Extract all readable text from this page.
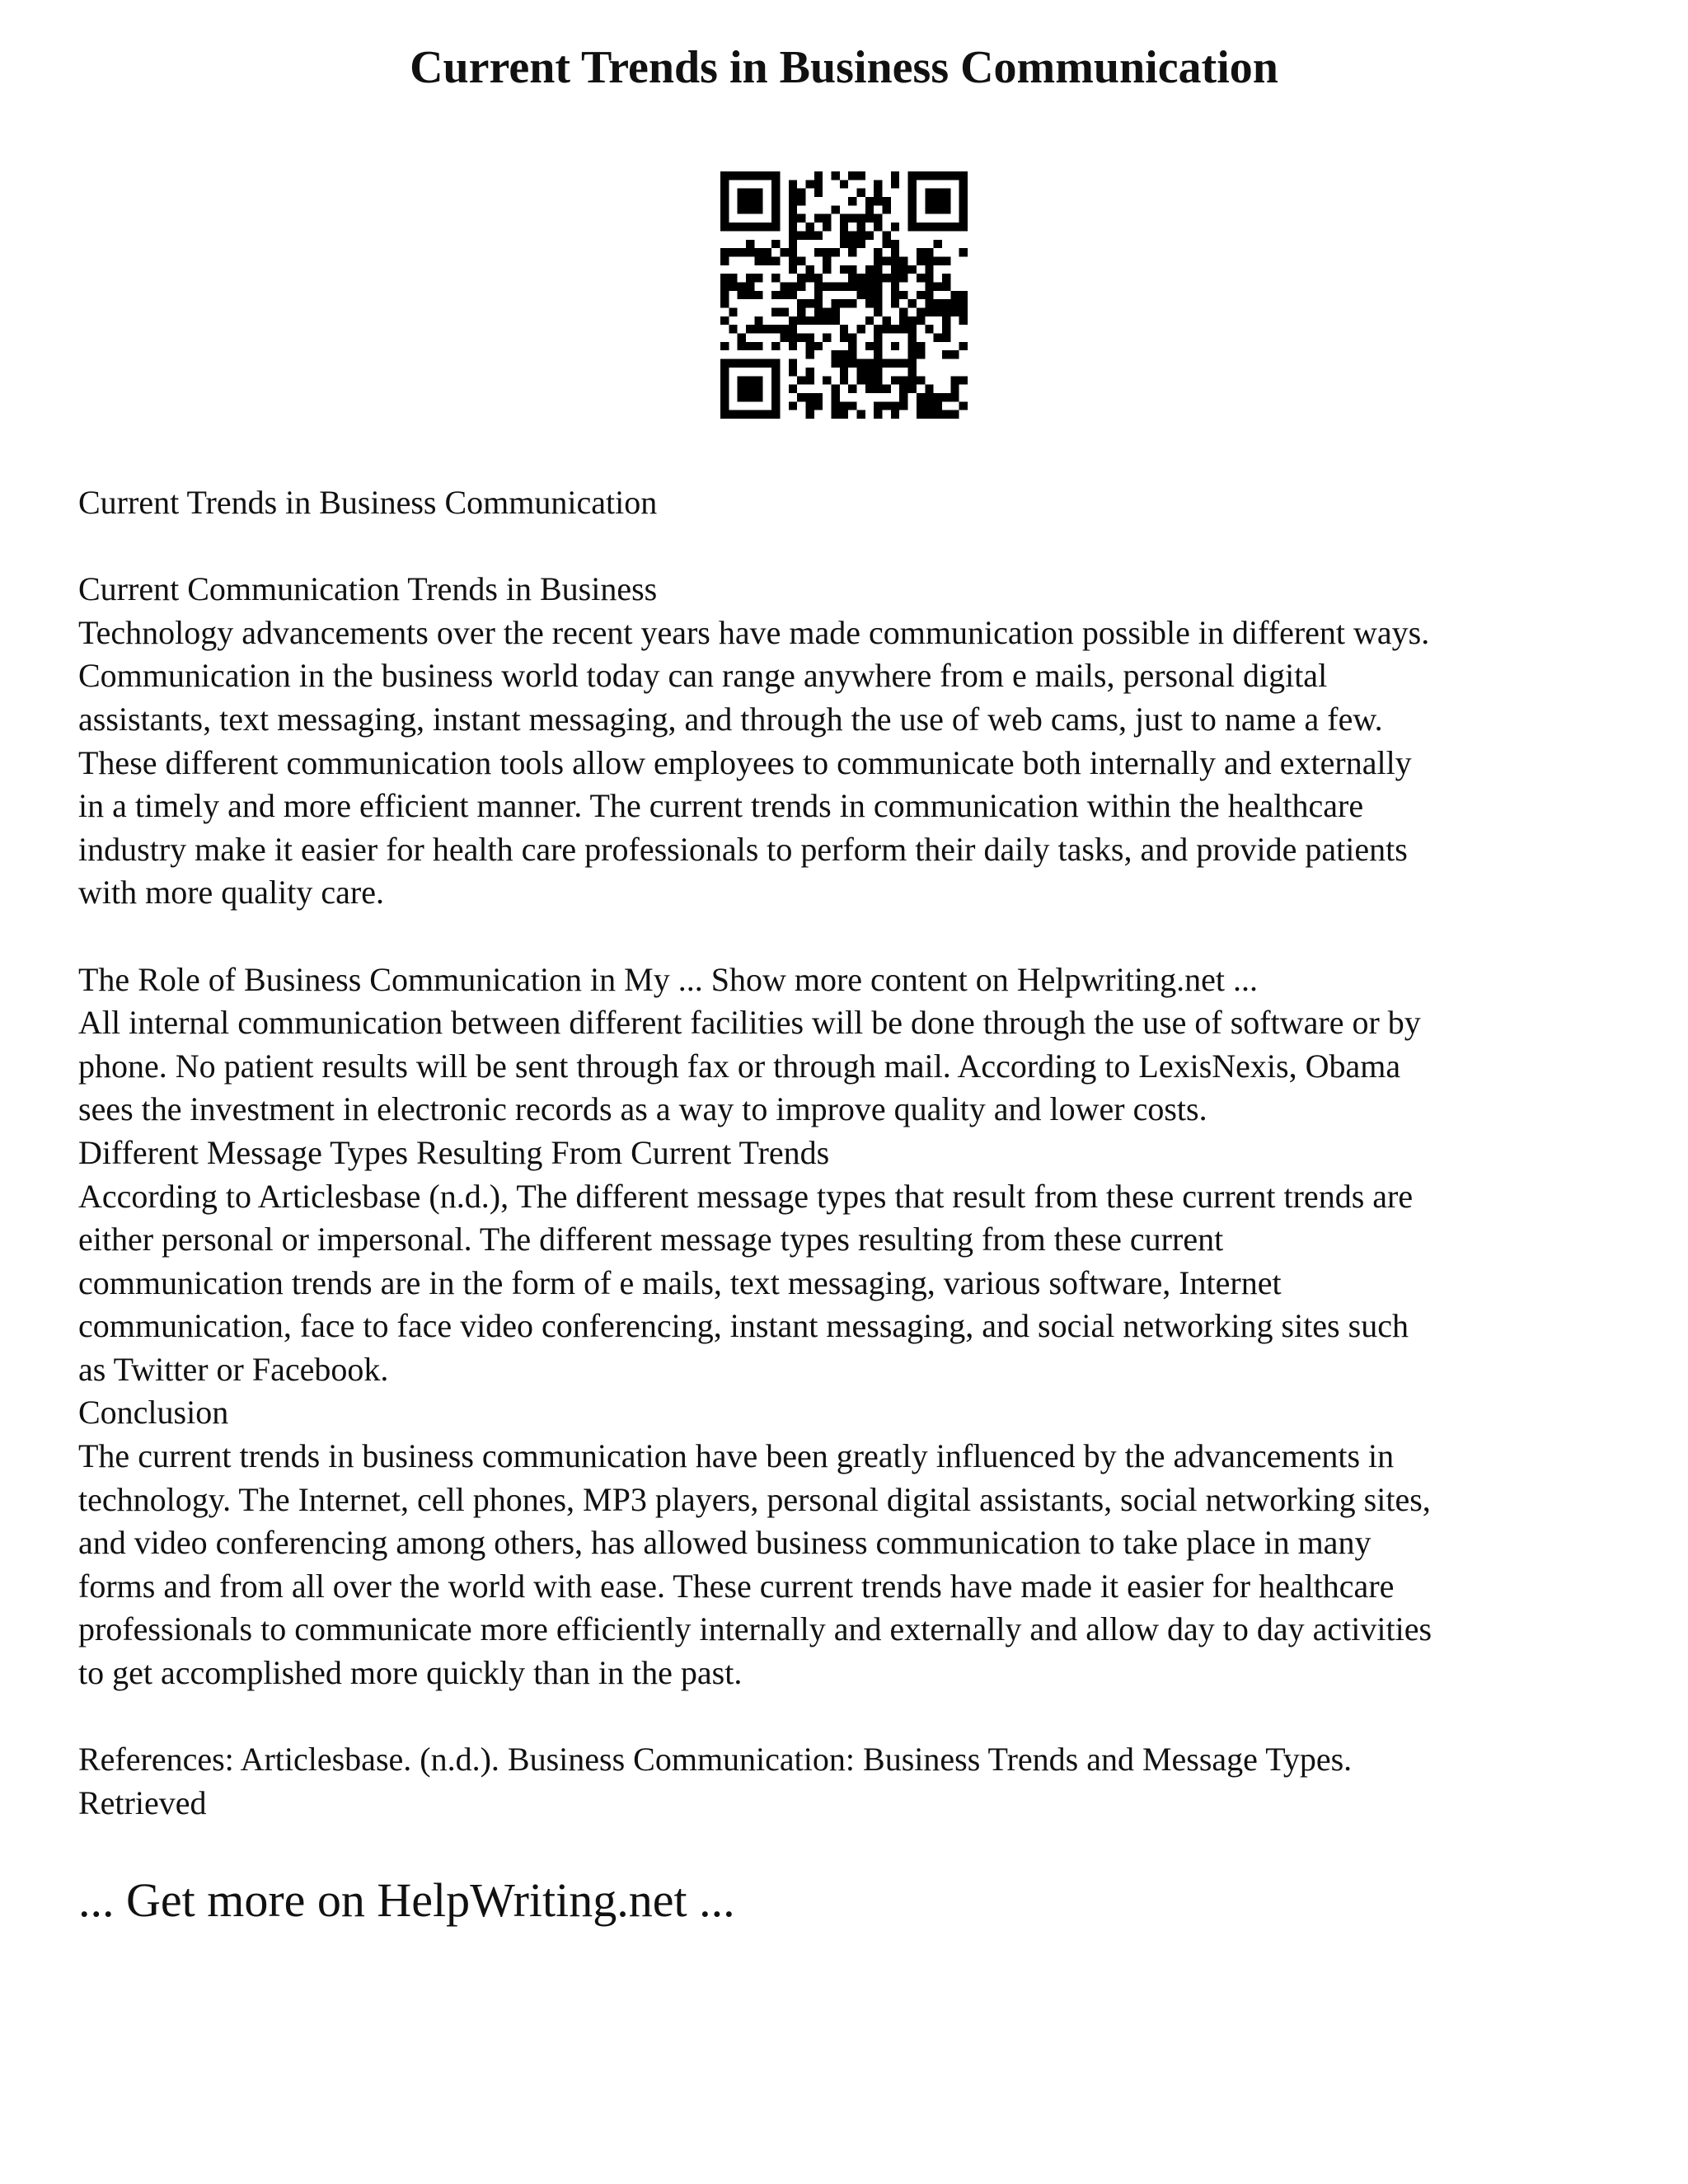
Current Trends in Business Communication

Current Trends in Business Communication

Current Communication Trends in Business

Technology advancements over the recent years have made communication possible in different ways.
Communication in the business world today can range anywhere from e mails, personal digital
assistants, text messaging, instant messaging, and through the use of web cams, just to name a few.
These different communication tools allow employees to communicate both internally and externally
in a timely and more efficient manner. The current trends in communication within the healthcare
industry make it easier for health care professionals to perform their daily tasks, and provide patients
with more quality care.

The Role of Business Communication in My ... Show more content on Helpwriting.net ...

All internal communication between different facilities will be done through the use of software or by
phone. No patient results will be sent through fax or through mail. According to LexisNexis, Obama
sees the investment in electronic records as a way to improve quality and lower costs.

Different Message Types Resulting From Current Trends

According to Articlesbase (n.d.), The different message types that result from these current trends are
either personal or impersonal. The different message types resulting from these current
communication trends are in the form of e mails, text messaging, various software, Internet
communication, face to face video conferencing, instant messaging, and social networking sites such
as Twitter or Facebook.

Conclusion

The current trends in business communication have been greatly influenced by the advancements in
technology. The Internet, cell phones, MP3 players, personal digital assistants, social networking sites,
and video conferencing among others, has allowed business communication to take place in many
forms and from all over the world with ease. These current trends have made it easier for healthcare
professionals to communicate more efficiently internally and externally and allow day to day activities
to get accomplished more quickly than in the past.

References: Articlesbase. (n.d.). Business Communication: Business Trends and Message Types.
Retrieved

... Get more on HelpWriting.net ...
